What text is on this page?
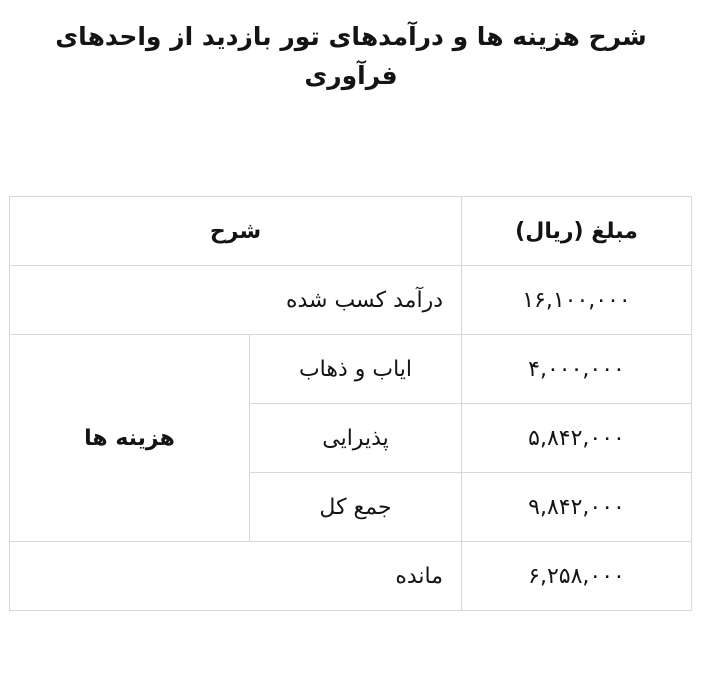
شرح هزینه ها و درآمدهای تور بازدید از واحدهای فرآوری
مبلغ (ریال)	شرح	
۱۶,۱۰۰,۰۰۰	درآمد کسب شده	
۴,۰۰۰,۰۰۰	ایاب و ذهاب	هزینه ها
۵,۸۴۲,۰۰۰	پذیرایی	
۹,۸۴۲,۰۰۰	جمع کل	
۶,۲۵۸,۰۰۰	مانده	
